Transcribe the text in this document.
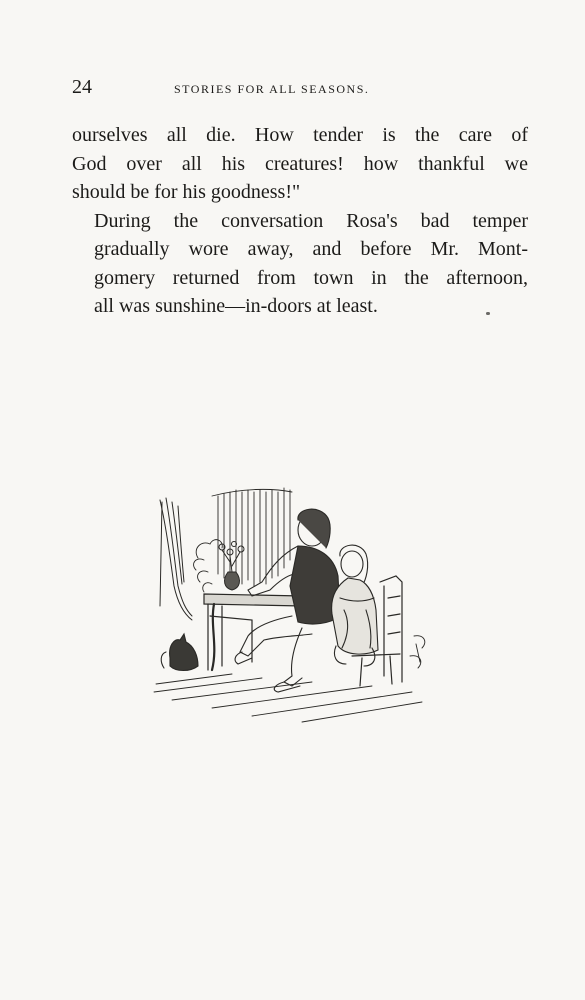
24	STORIES FOR ALL SEASONS.

ourselves all die. How tender is the care of
God over all his creatures! how thankful we
should be for his goodness!"

During the conversation Rosa's bad temper
gradually wore away, and before Mr. Mont-
gomery returned from town in the afternoon,
all was sunshine—in-doors at least.
